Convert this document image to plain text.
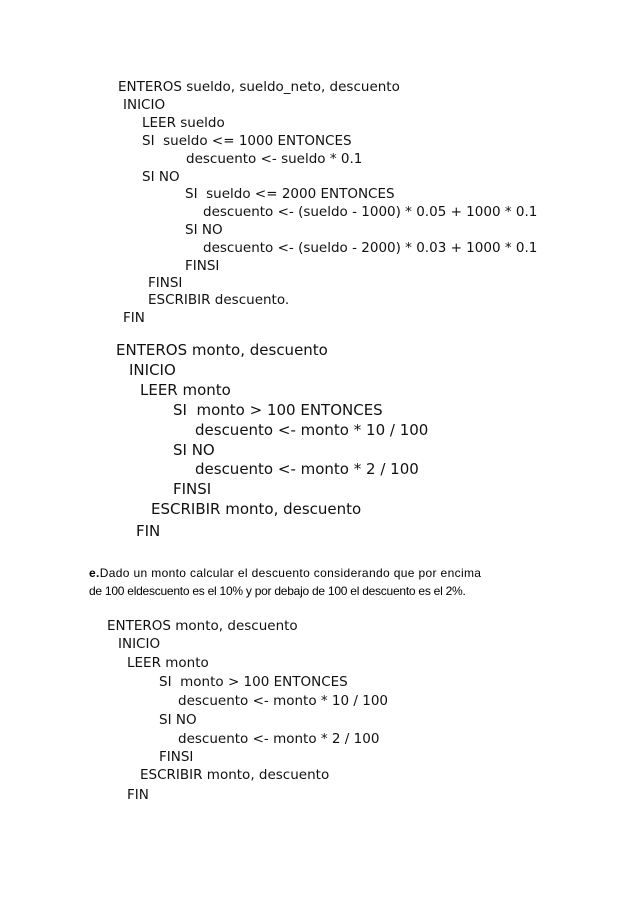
ENTEROS sueldo, sueldo_neto, descuento
INICIO
LEER sueldo
SI  sueldo <= 1000 ENTONCES
descuento <- sueldo * 0.1
SI NO
SI  sueldo <= 2000 ENTONCES
descuento <- (sueldo - 1000) * 0.05 + 1000 * 0.1
SI NO
descuento <- (sueldo - 2000) * 0.03 + 1000 * 0.1
FINSI
FINSI
ESCRIBIR descuento.
FIN
ENTEROS monto, descuento
INICIO
LEER monto
SI  monto > 100 ENTONCES
descuento <- monto * 10 / 100
SI NO
descuento <- monto * 2 / 100
FINSI
ESCRIBIR monto, descuento
FIN
e.Dado un monto calcular el descuento considerando que por encima
de 100 eldescuento es el 10% y por debajo de 100 el descuento es el 2%.
ENTEROS monto, descuento
INICIO
LEER monto
SI  monto > 100 ENTONCES
descuento <- monto * 10 / 100
SI NO
descuento <- monto * 2 / 100
FINSI
ESCRIBIR monto, descuento
FIN
